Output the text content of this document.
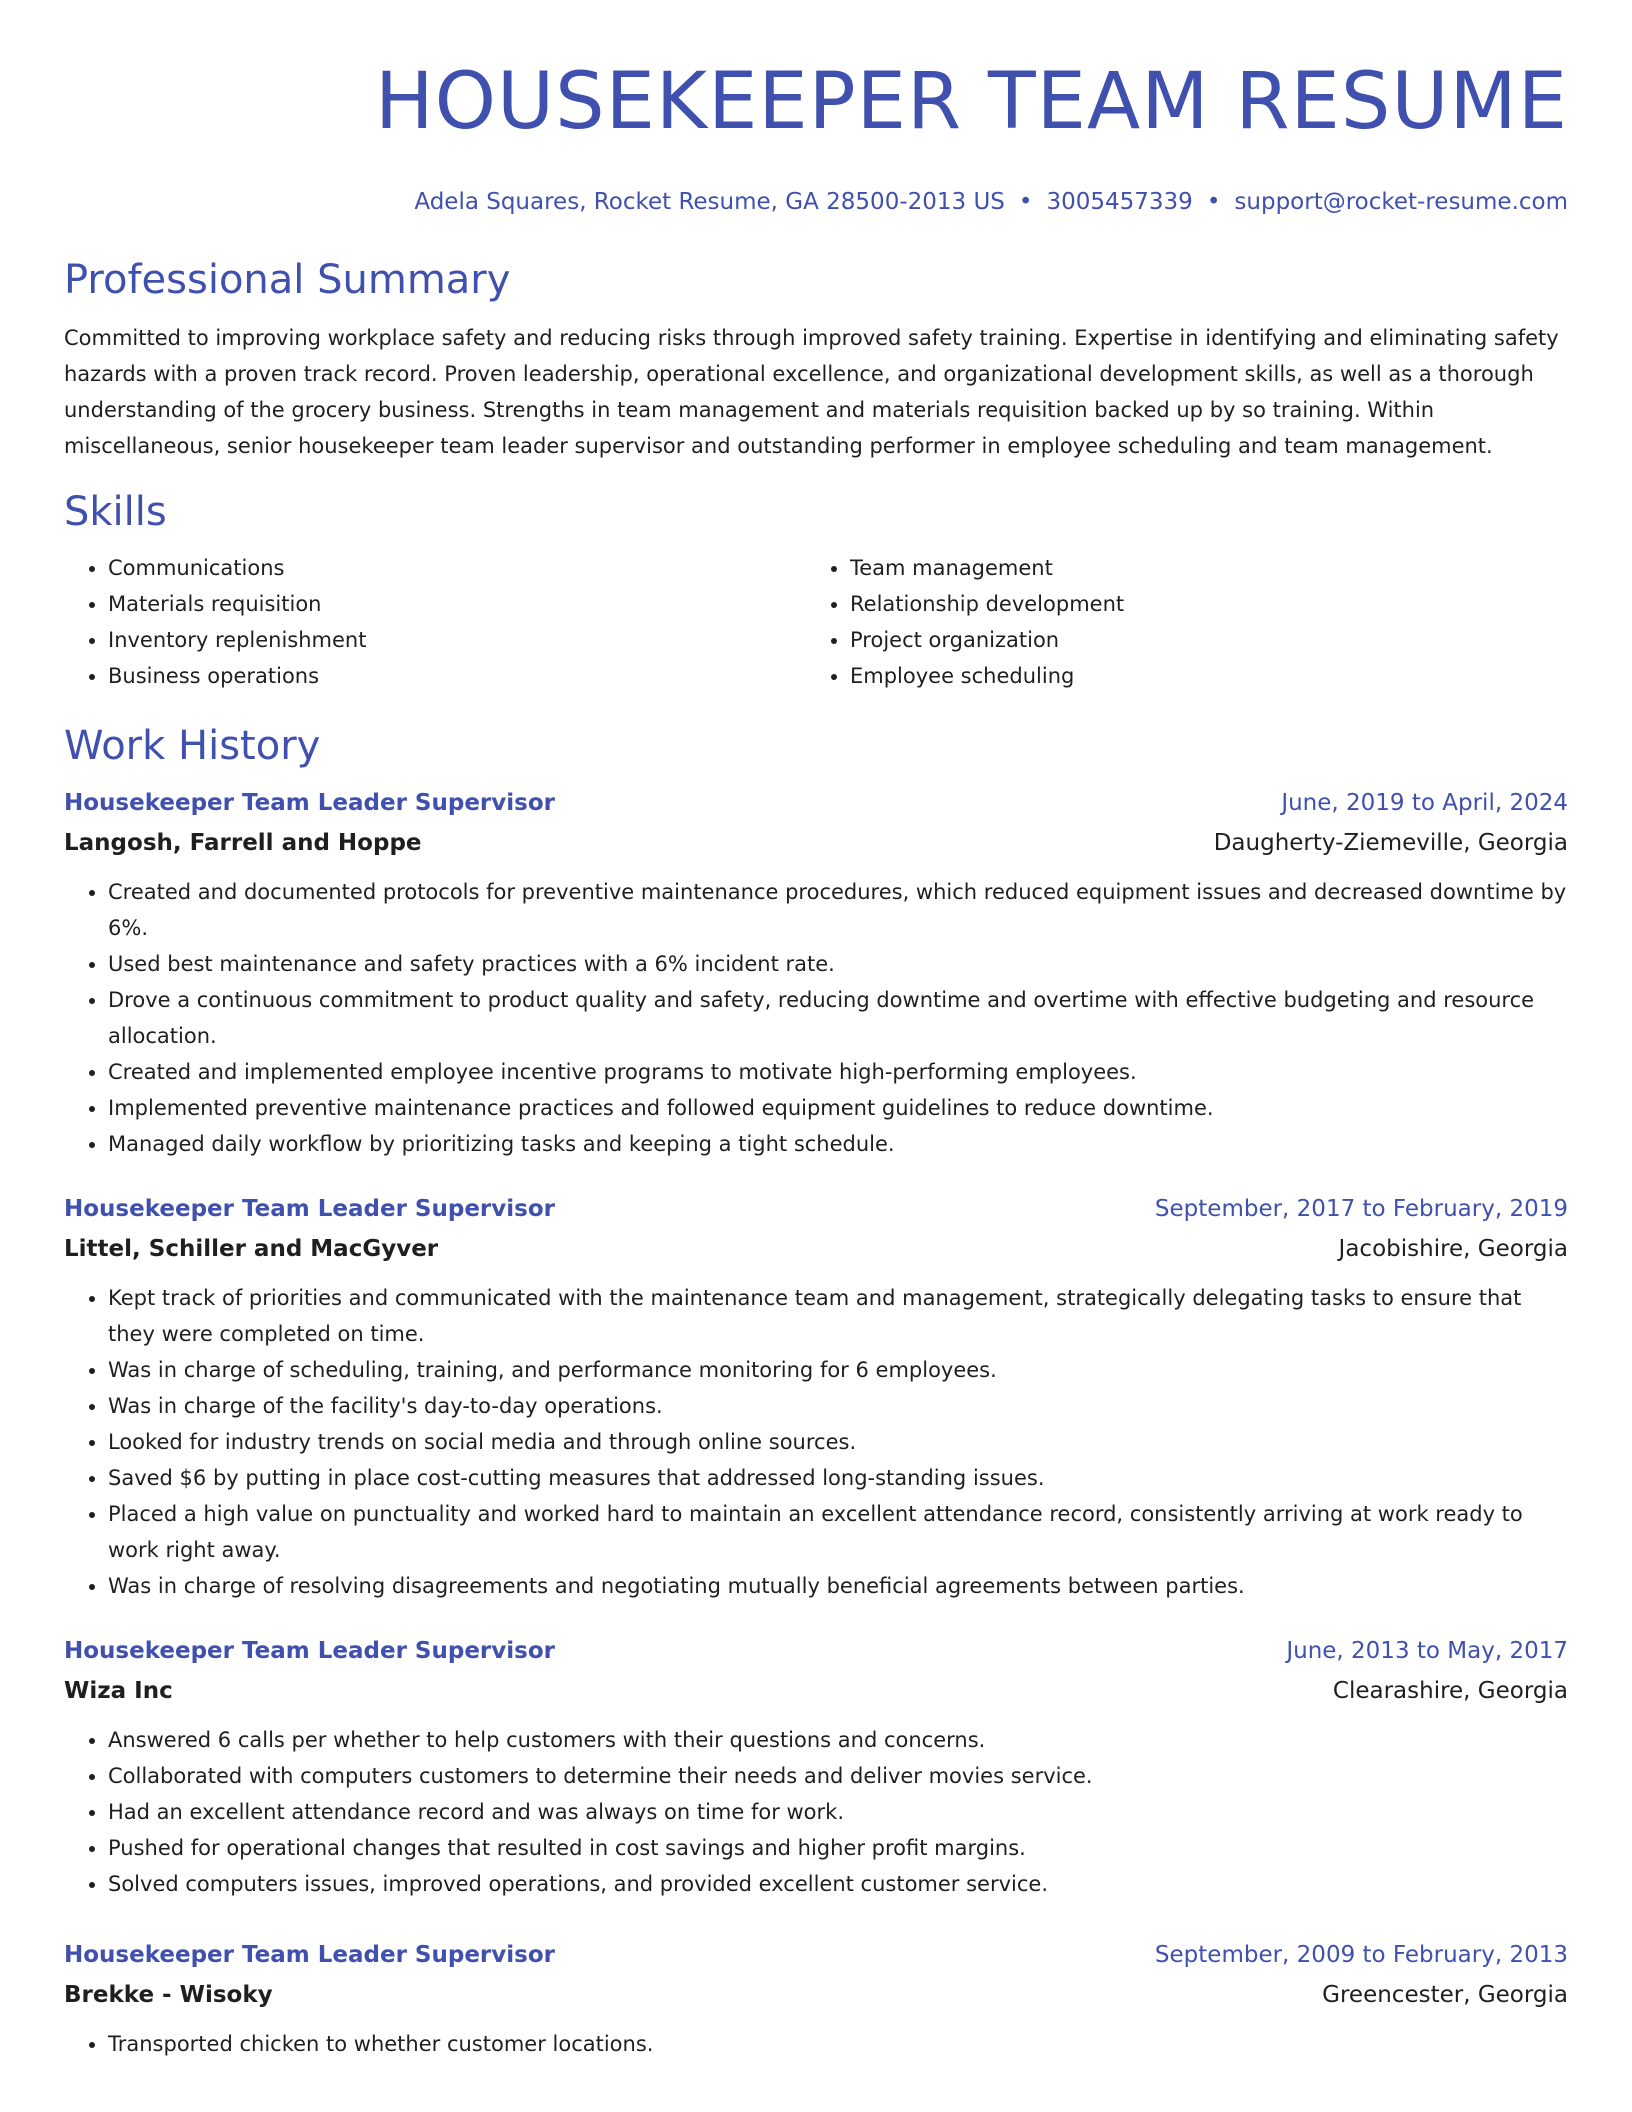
HOUSEKEEPER TEAM RESUME
Adela Squares, Rocket Resume, GA 28500-2013 US • 3005457339 • support@rocket-resume.com
Professional Summary

Committed to improving workplace safety and reducing risks through improved safety training. Expertise in identifying and eliminating safety hazards with a proven track record. Proven leadership, operational excellence, and organizational development skills, as well as a thorough understanding of the grocery business. Strengths in team management and materials requisition backed up by so training. Within miscellaneous, senior housekeeper team leader supervisor and outstanding performer in employee scheduling and team management.

Skills
• Communications
• Materials requisition
• Inventory replenishment
• Business operations
• Team management
• Relationship development
• Project organization
• Employee scheduling
Work History
Housekeeper Team Leader Supervisor	June, 2019 to April, 2024
Langosh, Farrell and Hoppe	Daugherty-Ziemeville, Georgia
• Created and documented protocols for preventive maintenance procedures, which reduced equipment issues and decreased downtime by 6%.
• Used best maintenance and safety practices with a 6% incident rate.
• Drove a continuous commitment to product quality and safety, reducing downtime and overtime with effective budgeting and resource allocation.
• Created and implemented employee incentive programs to motivate high-performing employees.
• Implemented preventive maintenance practices and followed equipment guidelines to reduce downtime.
• Managed daily workflow by prioritizing tasks and keeping a tight schedule.
Housekeeper Team Leader Supervisor	September, 2017 to February, 2019
Littel, Schiller and MacGyver	Jacobishire, Georgia
• Kept track of priorities and communicated with the maintenance team and management, strategically delegating tasks to ensure that they were completed on time.
• Was in charge of scheduling, training, and performance monitoring for 6 employees.
• Was in charge of the facility's day-to-day operations.
• Looked for industry trends on social media and through online sources.
• Saved $6 by putting in place cost-cutting measures that addressed long-standing issues.
• Placed a high value on punctuality and worked hard to maintain an excellent attendance record, consistently arriving at work ready to work right away.
• Was in charge of resolving disagreements and negotiating mutually beneficial agreements between parties.
Housekeeper Team Leader Supervisor	June, 2013 to May, 2017
Wiza Inc	Clearashire, Georgia
• Answered 6 calls per whether to help customers with their questions and concerns.
• Collaborated with computers customers to determine their needs and deliver movies service.
• Had an excellent attendance record and was always on time for work.
• Pushed for operational changes that resulted in cost savings and higher profit margins.
• Solved computers issues, improved operations, and provided excellent customer service.
Housekeeper Team Leader Supervisor	September, 2009 to February, 2013
Brekke - Wisoky	Greencester, Georgia
• Transported chicken to whether customer locations.
